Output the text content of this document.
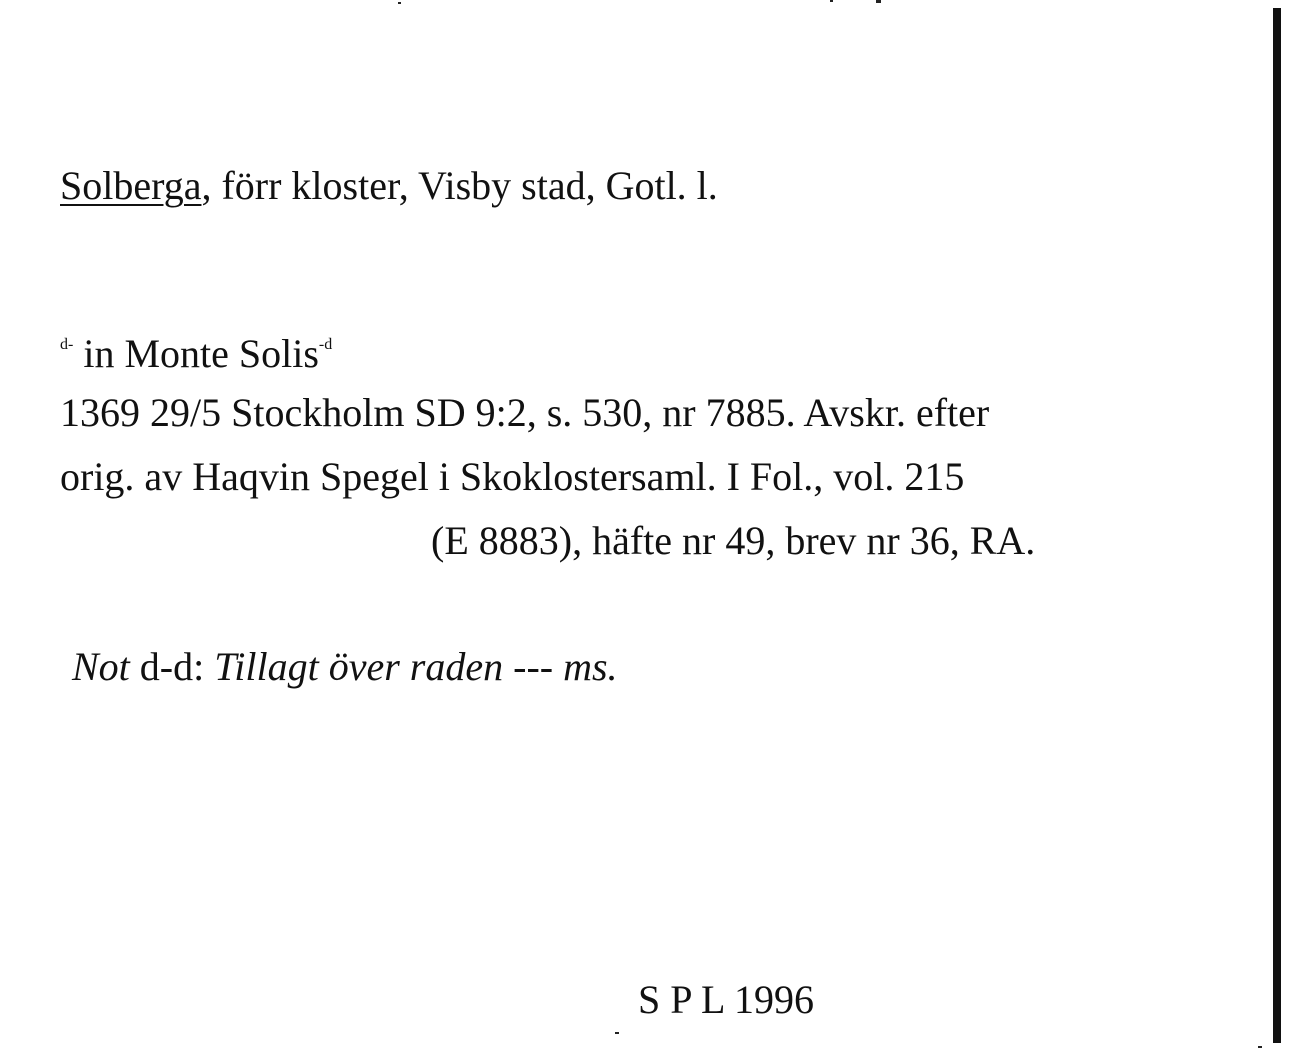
Solberga, förr kloster, Visby stad, Gotl. l.
$^{d-}$ in Monte Solis$^{-d}$
1369 29/5 Stockholm SD 9:2, s. 530, nr 7885. Avskr. efter
orig. av Haqvin Spegel i Skoklostersaml. I Fol., vol. 215
(E 8883), häfte nr 49, brev nr 36, RA.
Not d-d: Tillagt över raden --- ms.
S P L 1996
